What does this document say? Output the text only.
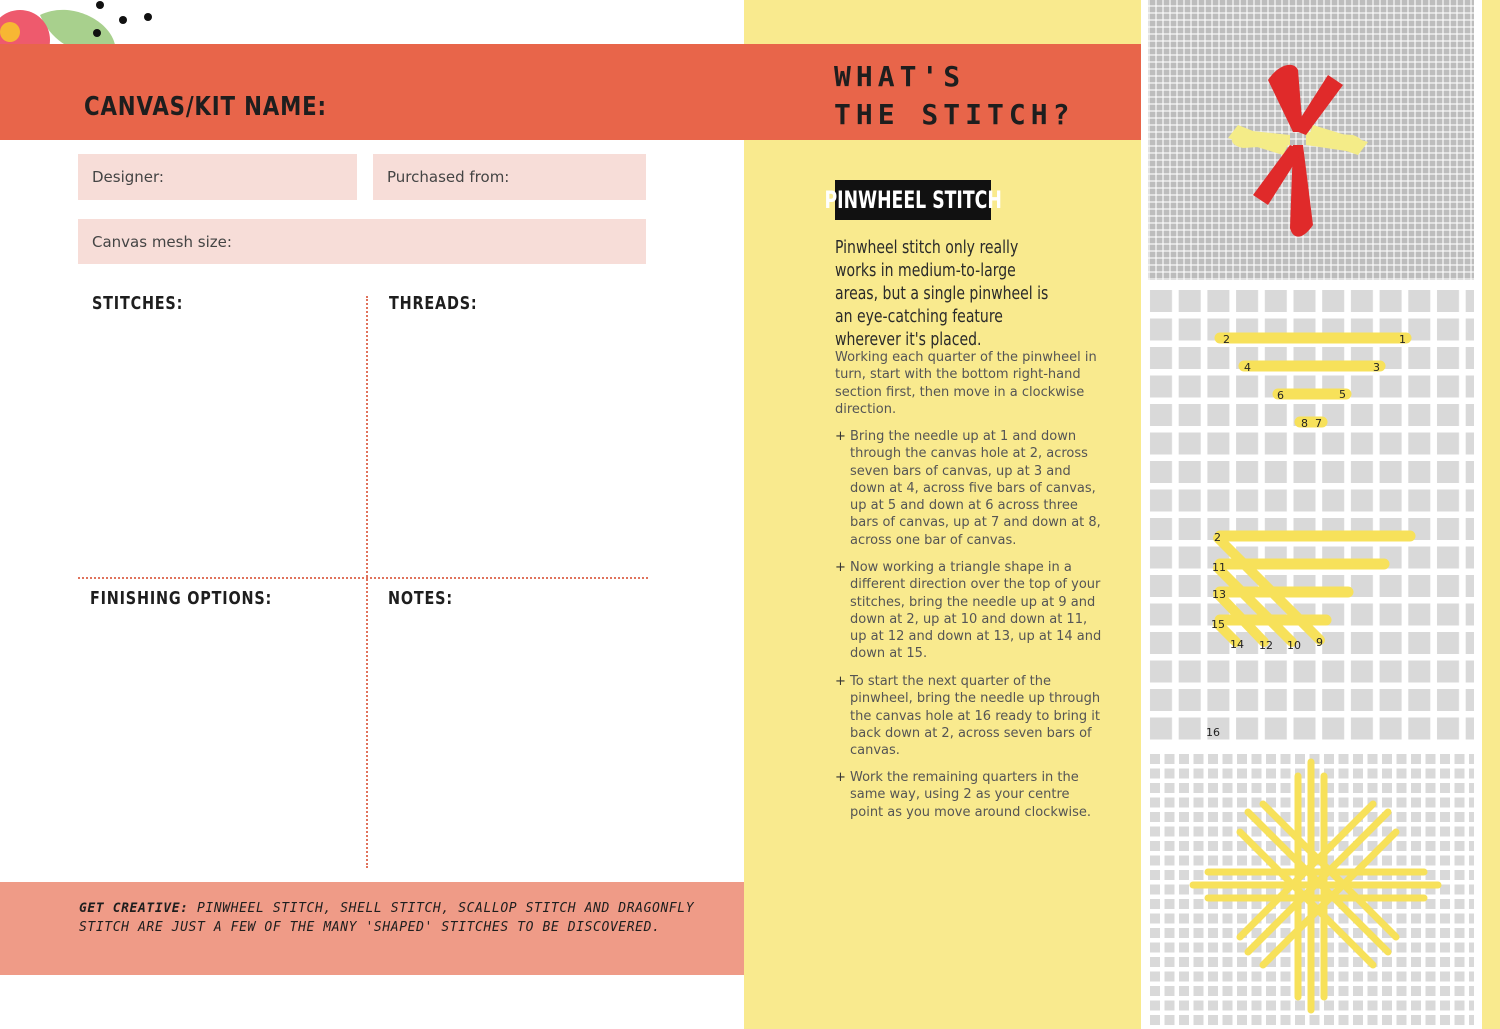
CANVAS/KIT NAME:
Designer:	Purchased from:
Canvas mesh size:
STITCHES:	THREADS:
FINISHING OPTIONS:	NOTES:
GET CREATIVE: PINWHEEL STITCH, SHELL STITCH, SCALLOP STITCH AND DRAGONFLY STITCH ARE JUST A FEW OF THE MANY 'SHAPED' STITCHES TO BE DISCOVERED.
WHAT'S
THE STITCH?
PINWHEEL STITCH
Pinwheel stitch only really works in medium-to-large areas, but a single pinwheel is an eye-catching feature wherever it's placed.
Working each quarter of the pinwheel in turn, start with the bottom right-hand section first, then move in a clockwise direction.
+ Bring the needle up at 1 and down through the canvas hole at 2, across seven bars of canvas, up at 3 and down at 4, across five bars of canvas, up at 5 and down at 6 across three bars of canvas, up at 7 and down at 8, across one bar of canvas.
+ Now working a triangle shape in a different direction over the top of your stitches, bring the needle up at 9 and down at 2, up at 10 and down at 11, up at 12 and down at 13, up at 14 and down at 15.
+ To start the next quarter of the pinwheel, bring the needle up through the canvas hole at 16 ready to bring it back down at 2, across seven bars of canvas.
+ Work the remaining quarters in the same way, using 2 as your centre point as you move around clockwise.
2	1
4	3
6	5
8 7
2
11
13
15
14 12 10 9
16
